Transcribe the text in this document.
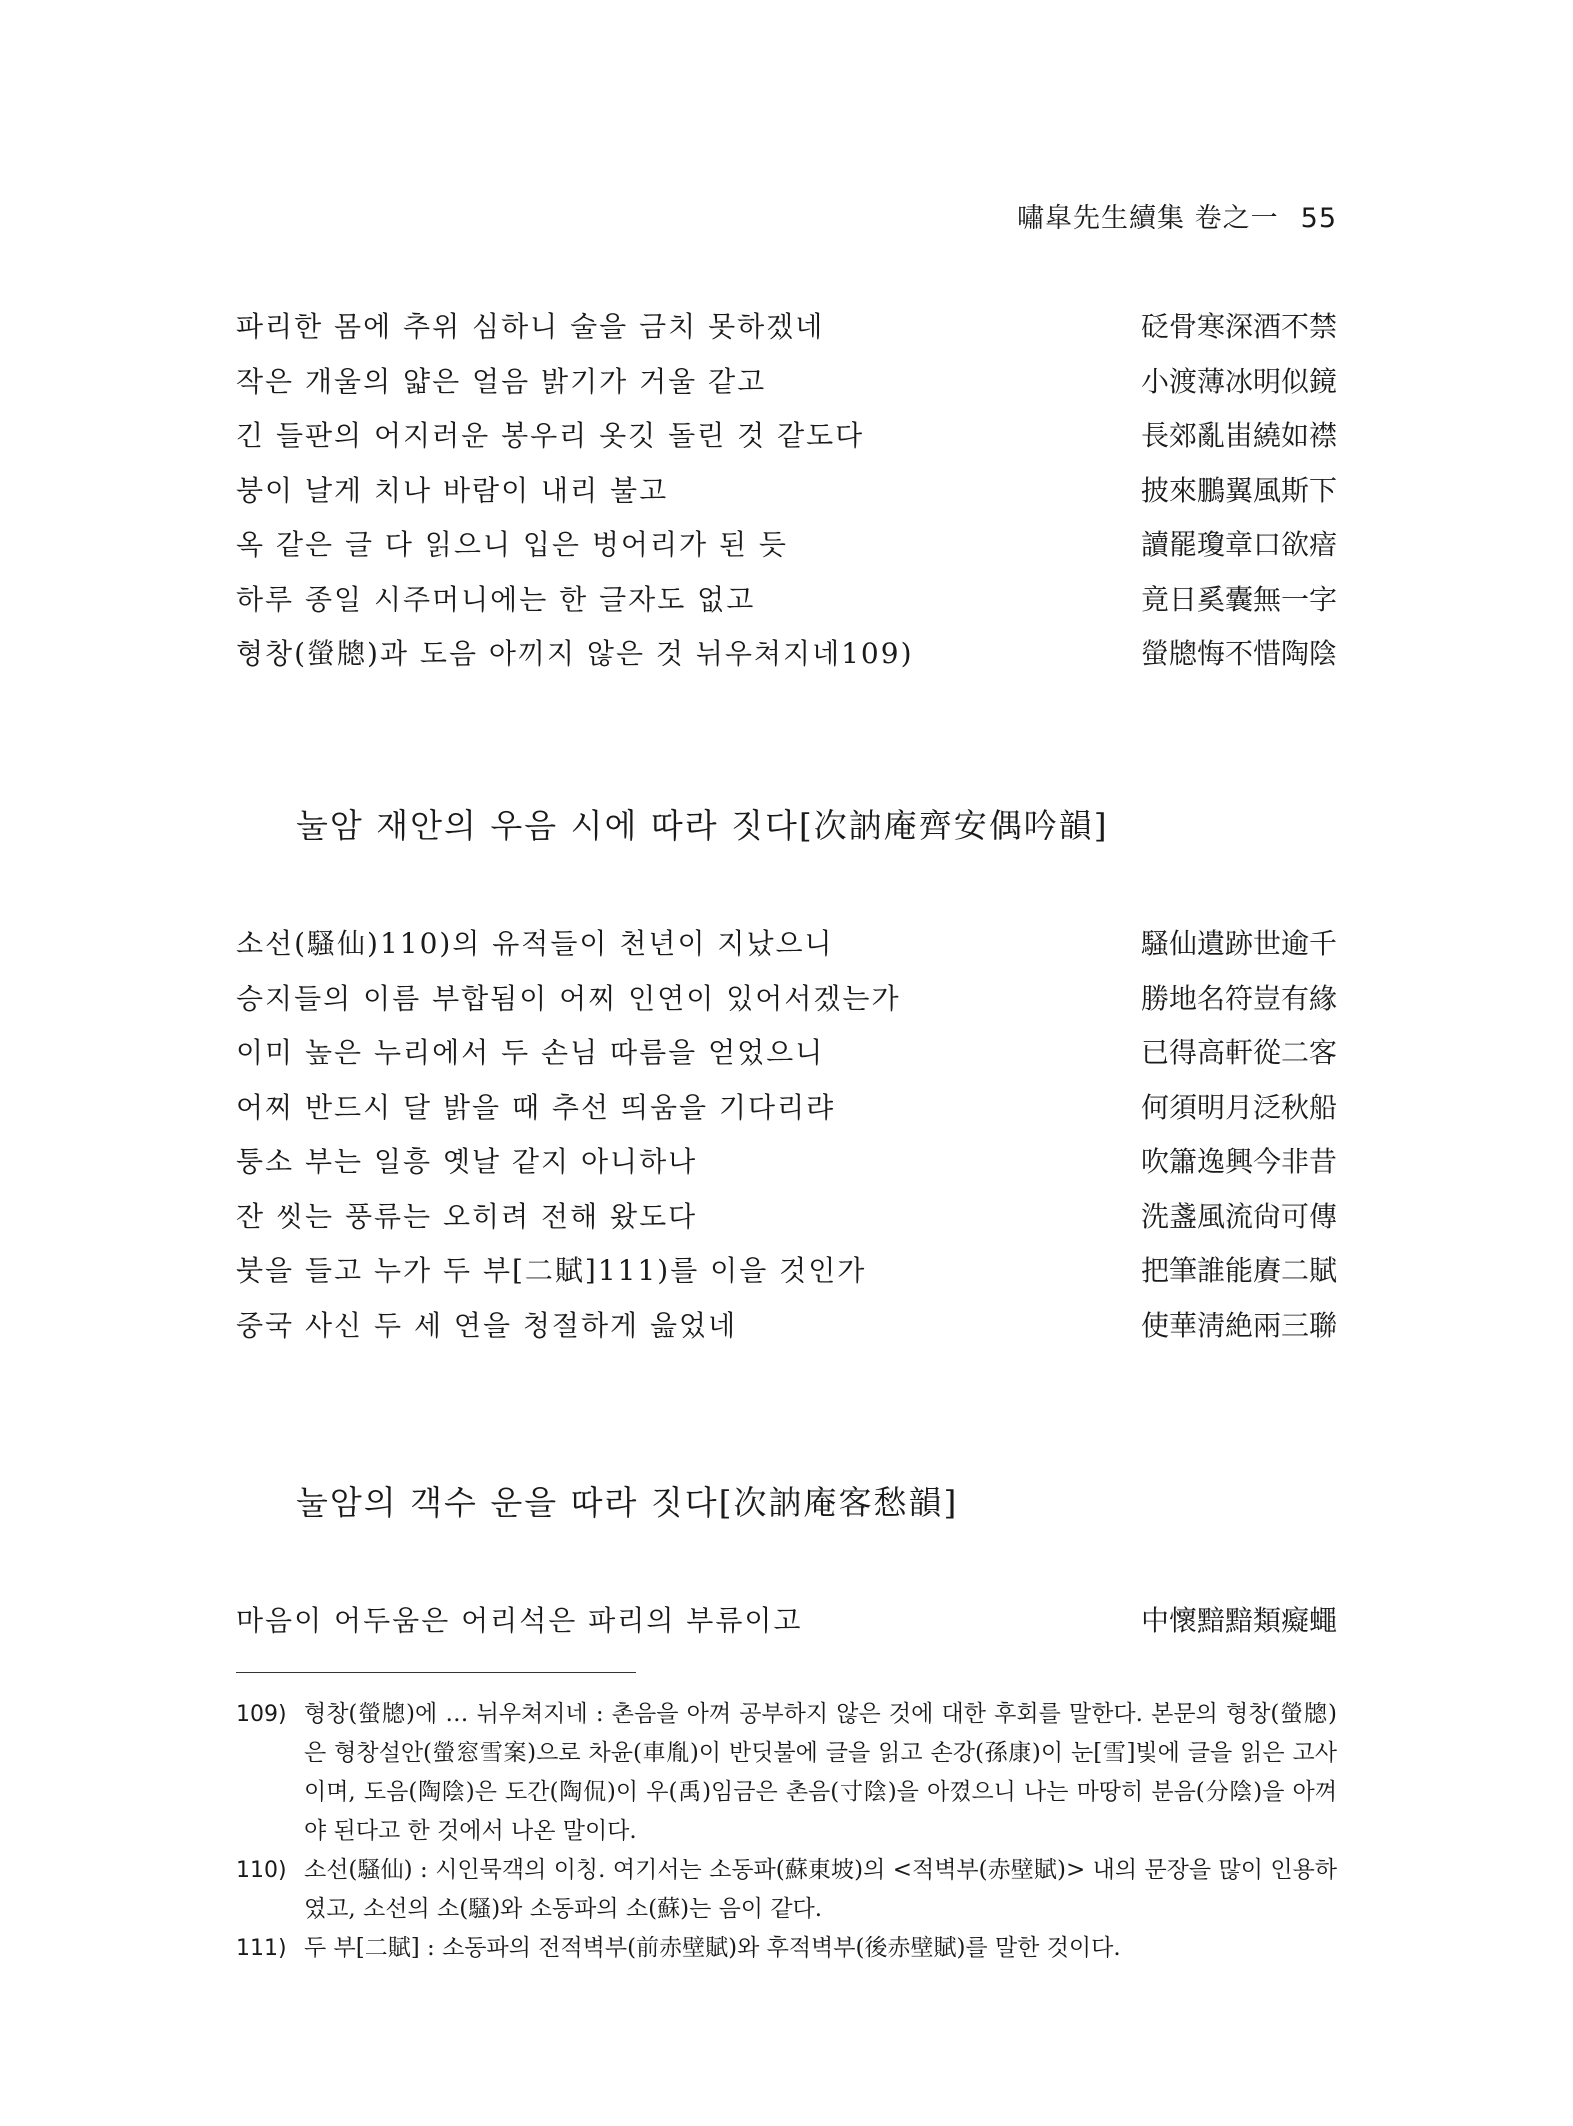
嘯皐先生續集 卷之一 55
파리한 몸에 추위 심하니 술을 금치 못하겠네	砭骨寒深酒不禁
작은 개울의 얇은 얼음 밝기가 거울 같고	小渡薄冰明似鏡
긴 들판의 어지러운 봉우리 옷깃 돌린 것 같도다	長郊亂峀繞如襟
붕이 날게 치나 바람이 내리 불고	披來鵬翼風斯下
옥 같은 글 다 읽으니 입은 벙어리가 된 듯	讀罷瓊章口欲瘖
하루 종일 시주머니에는 한 글자도 없고	竟日奚囊無一字
형창(螢牕)과 도음 아끼지 않은 것 뉘우쳐지네109)	螢牕悔不惜陶陰
눌암 재안의 우음 시에 따라 짓다[次訥庵齊安偶吟韻]
소선(騷仙)110)의 유적들이 천년이 지났으니	騷仙遺跡世逾千
승지들의 이름 부합됨이 어찌 인연이 있어서겠는가	勝地名符豈有緣
이미 높은 누리에서 두 손님 따름을 얻었으니	已得高軒從二客
어찌 반드시 달 밝을 때 추선 띄움을 기다리랴	何須明月泛秋船
퉁소 부는 일흥 옛날 같지 아니하나	吹簫逸興今非昔
잔 씻는 풍류는 오히려 전해 왔도다	洗盞風流尙可傳
붓을 들고 누가 두 부[二賦]111)를 이을 것인가	把筆誰能賡二賦
중국 사신 두 세 연을 청절하게 읊었네	使華淸絶兩三聯
눌암의 객수 운을 따라 짓다[次訥庵客愁韻]
마음이 어두움은 어리석은 파리의 부류이고	中懷黯黯類癡蠅
109) 형창(螢牕)에 … 뉘우쳐지네 : 촌음을 아껴 공부하지 않은 것에 대한 후회를 말한다. 본문의 형창(螢牕)은 형창설안(螢窓雪案)으로 차윤(車胤)이 반딧불에 글을 읽고 손강(孫康)이 눈[雪]빛에 글을 읽은 고사이며, 도음(陶陰)은 도간(陶侃)이 우(禹)임금은 촌음(寸陰)을 아꼈으니 나는 마땅히 분음(分陰)을 아껴야 된다고 한 것에서 나온 말이다.
110) 소선(騷仙) : 시인묵객의 이칭. 여기서는 소동파(蘇東坡)의 <적벽부(赤壁賦)> 내의 문장을 많이 인용하였고, 소선의 소(騷)와 소동파의 소(蘇)는 음이 같다.
111) 두 부[二賦] : 소동파의 전적벽부(前赤壁賦)와 후적벽부(後赤壁賦)를 말한 것이다.
